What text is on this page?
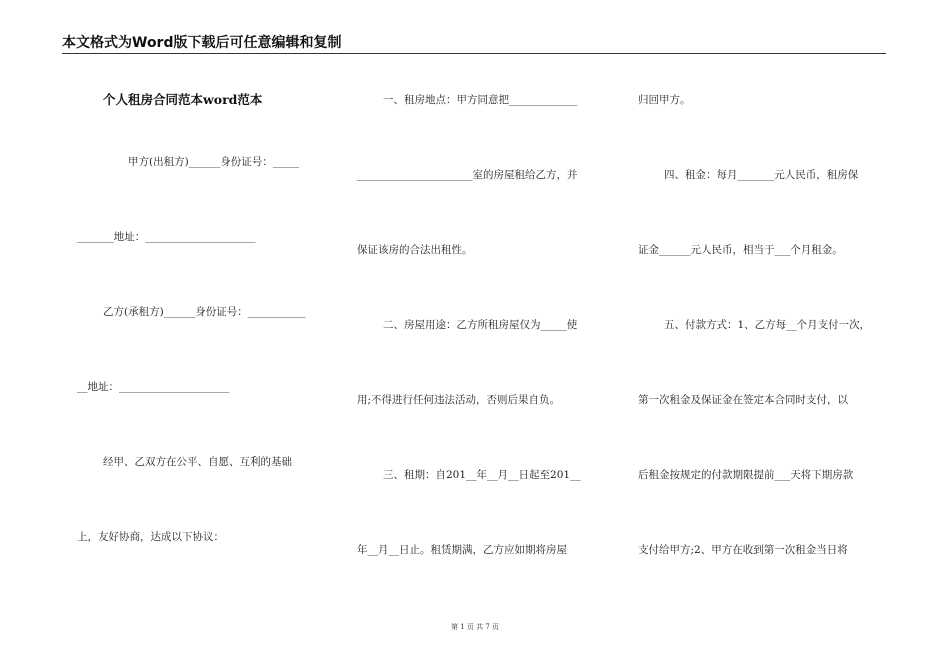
本文格式为Word版下载后可任意编辑和复制
个人租房合同范本word范本
甲方(出租方)______身份证号：_____
_______地址：_____________________
乙方(承租方)______身份证号：___________
__地址：_____________________
经甲、乙双方在公平、自愿、互利的基础
上，友好协商，达成以下协议：
一、租房地点：甲方同意把_____________
______________________室的房屋租给乙方，并
保证该房的合法出租性。
二、房屋用途：乙方所租房屋仅为_____使
用;不得进行任何违法活动，否则后果自负。
三、租期：自201__年__月__日起至201__
年__月__日止。租赁期满，乙方应如期将房屋
归回甲方。
四、租金：每月_______元人民币，租房保
证金______元人民币，相当于___个月租金。
五、付款方式：1、乙方每__个月支付一次，
第一次租金及保证金在签定本合同时支付，以
后租金按规定的付款期限提前___天将下期房款
支付给甲方;2、甲方在收到第一次租金当日将
第 1 页 共 7 页
